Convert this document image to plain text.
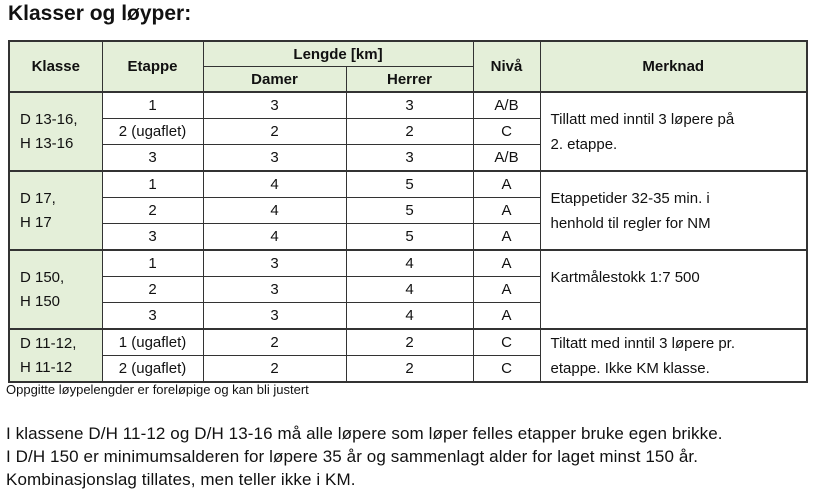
Klasser og løyper:
Klasse	Etappe	Lengde [km]		Nivå	Merknad
		Damer	Herrer		
D 13-16,
H 13-16	1	3	3	A/B	Tillatt med inntil 3 løpere på
2. etappe.
	2 (ugaflet)	2	2	C	
	3	3	3	A/B	
D 17,
H 17	1	4	5	A	Etappetider 32-35 min. i
henhold til regler for NM
	2	4	5	A	
	3	4	5	A	
D 150,
H 150	1	3	4	A	Kartmålestokk 1:7 500
	2	3	4	A	
	3	3	4	A	
D 11-12,
H 11-12	1 (ugaflet)	2	2	C	Tiltatt med inntil 3 løpere pr.
etappe. Ikke KM klasse.
	2 (ugaflet)	2	2	C	
Oppgitte løypelengder er foreløpige og kan bli justert
I klassene D/H 11-12 og D/H 13-16 må alle løpere som løper felles etapper bruke egen brikke.
I D/H 150 er minimumsalderen for løpere 35 år og sammenlagt alder for laget minst 150 år.
Kombinasjonslag tillates, men teller ikke i KM.
